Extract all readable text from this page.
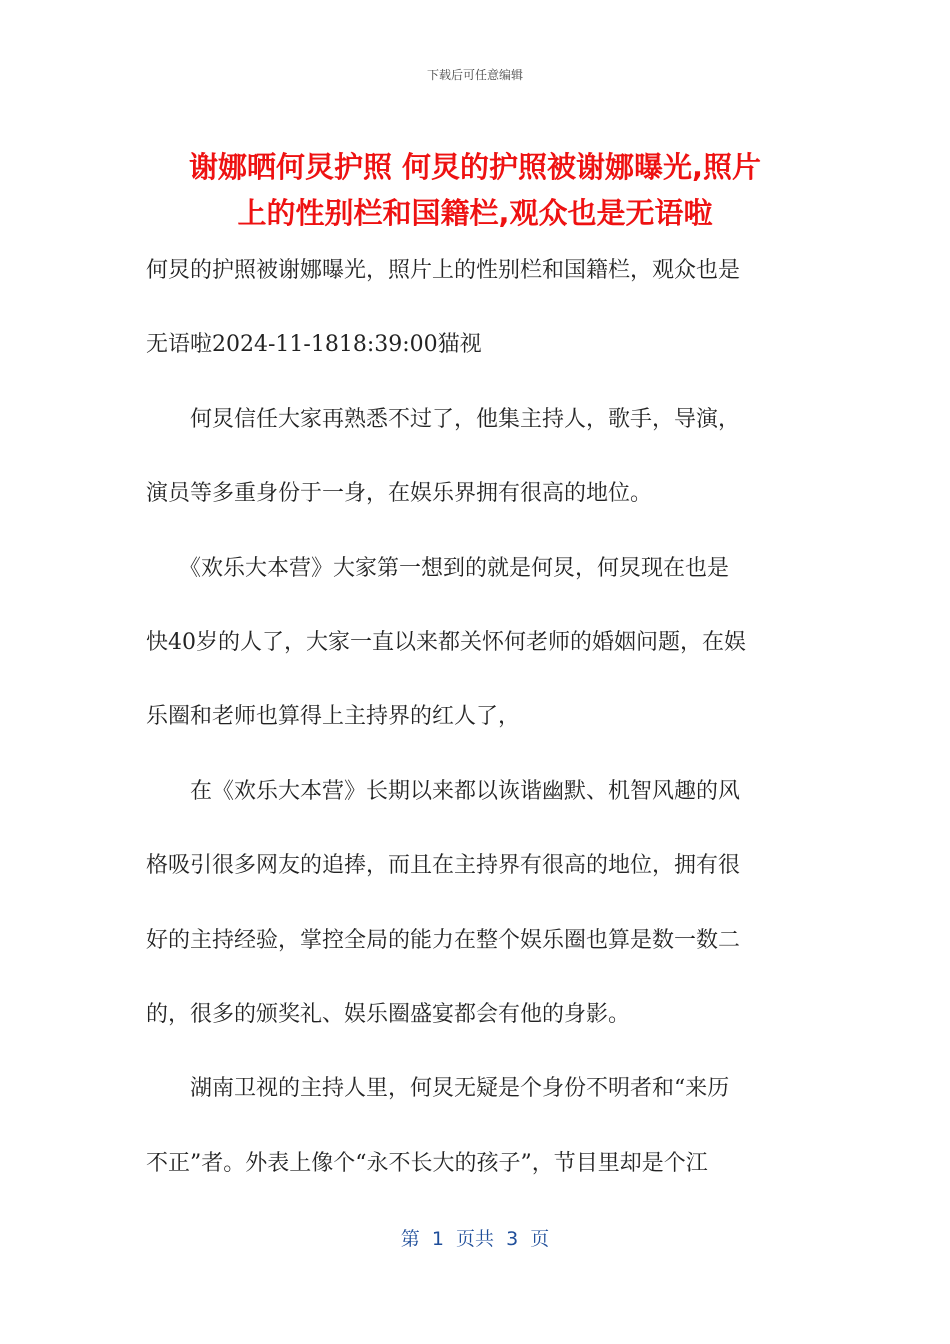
下载后可任意编辑
谢娜晒何炅护照 何炅的护照被谢娜曝光,照片
上的性别栏和国籍栏,观众也是无语啦
何炅的护照被谢娜曝光，照片上的性别栏和国籍栏，观众也是
无语啦2024-11-1818:39:00猫视
　　何炅信任大家再熟悉不过了，他集主持人，歌手，导演，
演员等多重身份于一身，在娱乐界拥有很高的地位。
　　《欢乐大本营》大家第一想到的就是何炅，何炅现在也是
快40岁的人了，大家一直以来都关怀何老师的婚姻问题，在娱
乐圈和老师也算得上主持界的红人了，
　　在《欢乐大本营》长期以来都以诙谐幽默、机智风趣的风
格吸引很多网友的追捧，而且在主持界有很高的地位，拥有很
好的主持经验，掌控全局的能力在整个娱乐圈也算是数一数二
的，很多的颁奖礼、娱乐圈盛宴都会有他的身影。
　　湖南卫视的主持人里，何炅无疑是个身份不明者和“来历
不正”者。外表上像个“永不长大的孩子”，节目里却是个江
第  1  页共  3  页
